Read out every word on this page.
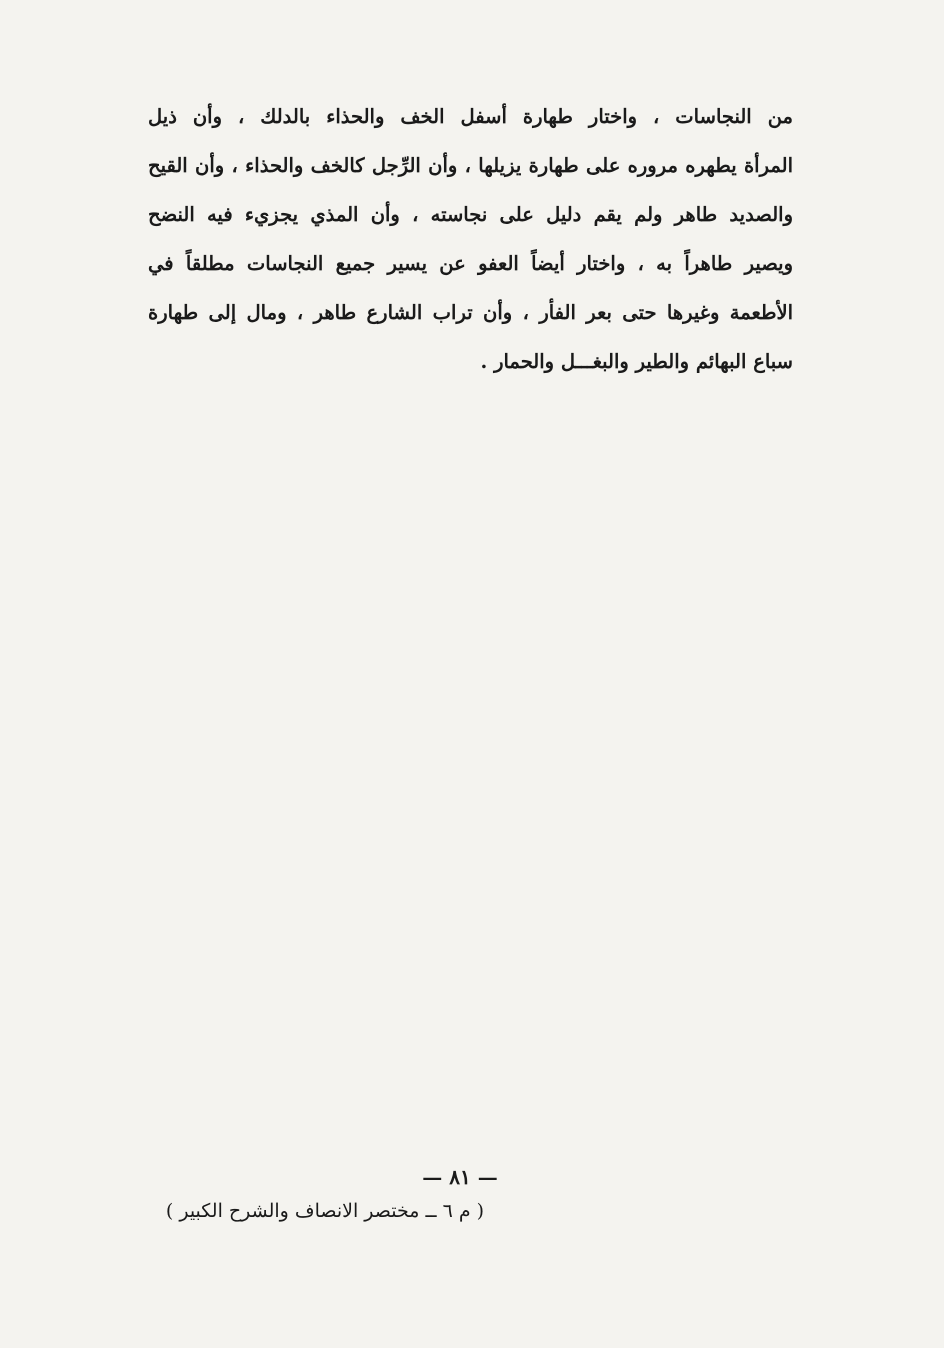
من النجاسات ، واختار طهارة أسفل الخف والحذاء بالدلك ، وأن ذيل
المرأة يطهره مروره على طهارة يزيلها ، وأن الرِّجل كالخف والحذاء ، وأن القيح
والصديد طاهر ولم يقم دليل على نجاسته ، وأن المذي يجزيء فيه النضح
ويصير طاهراً به ، واختار أيضاً العفو عن يسير جميع النجاسات مطلقاً في
الأطعمة وغيرها حتى بعر الفأر ، وأن تراب الشارع طاهر ، ومال إلى طهارة
سباع البهائم والطير والبغـــل والحمار .
— ٨١ —
( م ٦ ــ مختصر الانصاف والشرح الكبير )
